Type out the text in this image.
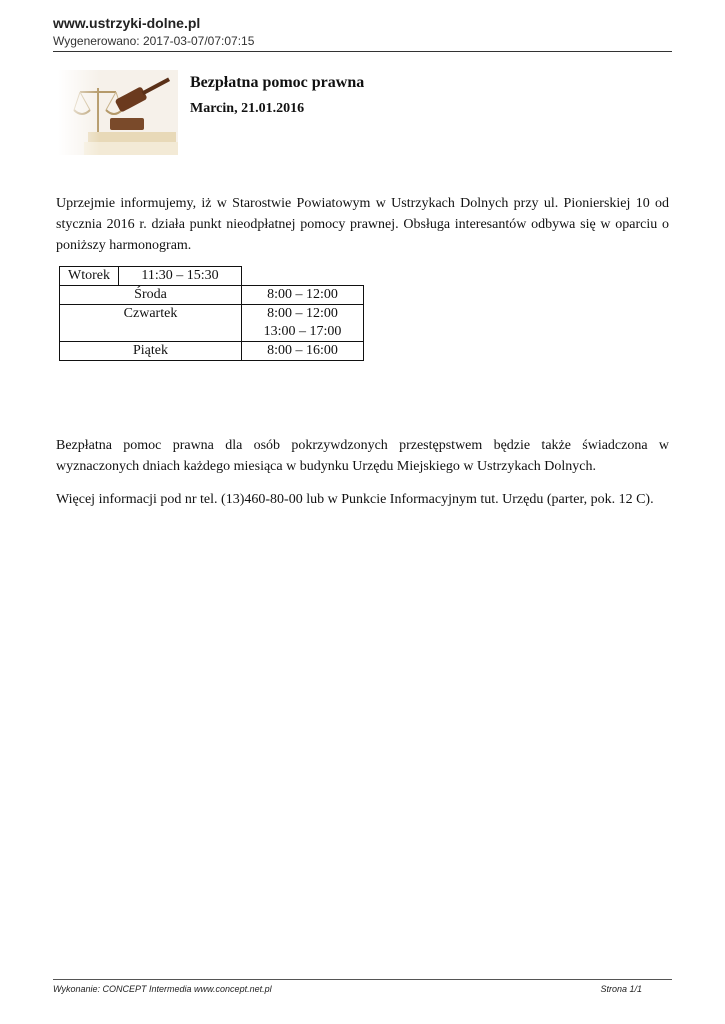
www.ustrzyki-dolne.pl
Wygenerowano: 2017-03-07/07:07:15
Bezpłatna pomoc prawna
Marcin, 21.01.2016

Uprzejmie informujemy, iż w Starostwie Powiatowym w Ustrzykach Dolnych przy ul. Pionierskiej 10 od stycznia 2016 r. działa punkt nieodpłatnej pomocy prawnej. Obsługa interesantów odbywa się w oparciu o poniższy harmonogram.

Wtorek	11:30 – 15:30	
Środa		8:00 – 12:00
Czwartek		8:00 – 12:00
13:00 – 17:00

Piątek		8:00 – 16:00

Bezpłatna pomoc prawna dla osób pokrzywdzonych przestępstwem będzie także świadczona w wyznaczonych dniach każdego miesiąca w budynku Urzędu Miejskiego w Ustrzykach Dolnych.

Więcej informacji pod nr tel. (13)460-80-00 lub w Punkcie Informacyjnym tut. Urzędu (parter, pok. 12 C).

Wykonanie: CONCEPT Intermedia www.concept.net.pl	Strona 1/1
